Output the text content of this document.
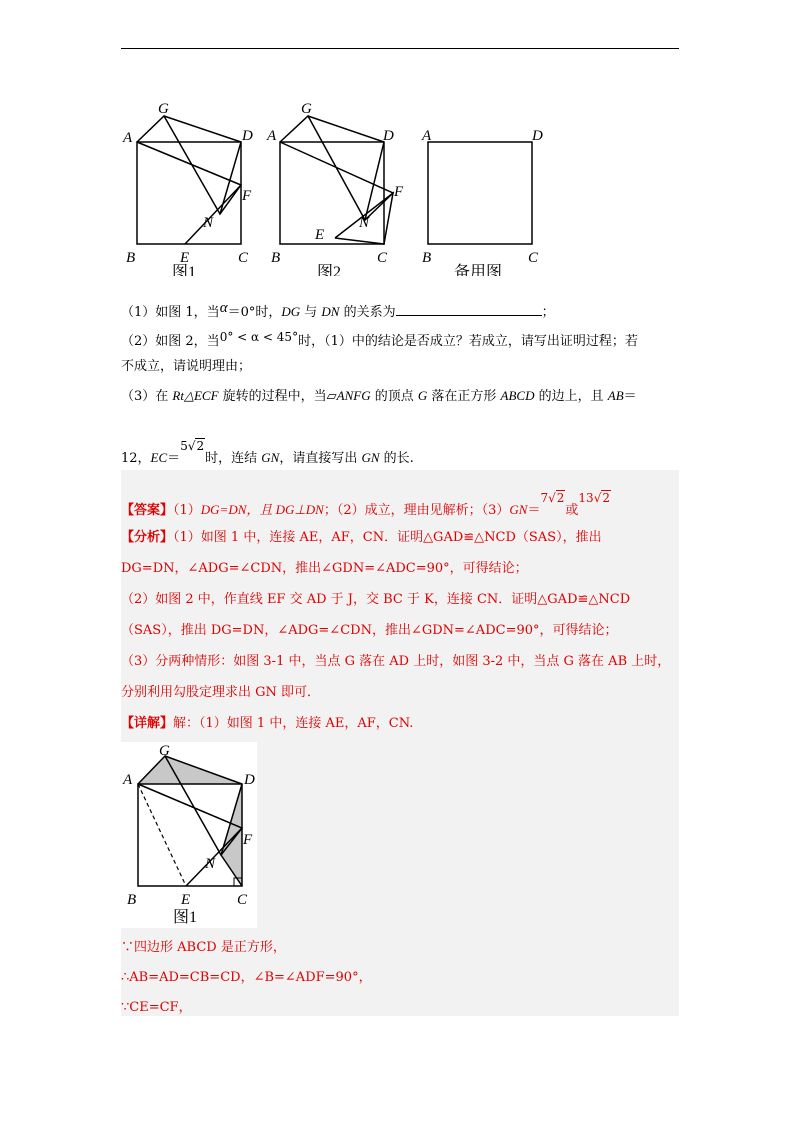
G
A	D
F
N
B	E	C
图1
G
A	D
F
N
E
B	C
图2
A	D
B	C
备用图
（1）如图 1，当α＝0°时，DG 与 DN 的关系为	；
（2）如图 2，当0° < α < 45°时，（1）中的结论是否成立？若成立，请写出证明过程；若
不成立，请说明理由；
（3）在 Rt△ECF 旋转的过程中，当▱ANFG 的顶点 G 落在正方形 ABCD 的边上，且 AB＝
12，EC＝5√2时，连结 GN，请直接写出 GN 的长.
【答案】（1）DG=DN，且 DG⊥DN；（2）成立，理由见解析；（3）GN＝7√2或13√2
【分析】（1）如图 1 中，连接 AE，AF，CN．证明△GAD≌△NCD（SAS），推出
DG=DN，∠ADG=∠CDN，推出∠GDN=∠ADC=90°，可得结论；
（2）如图 2 中，作直线 EF 交 AD 于 J，交 BC 于 K，连接 CN．证明△GAD≌△NCD
（SAS），推出 DG=DN，∠ADG=∠CDN，推出∠GDN=∠ADC=90°，可得结论；
（3）分两种情形：如图 3-1 中，当点 G 落在 AD 上时，如图 3-2 中，当点 G 落在 AB 上时，
分别利用勾股定理求出 GN 即可．
【详解】解：（1）如图 1 中，连接 AE，AF，CN.
G
A	D
F
N
B	E	C
图1
∵四边形 ABCD 是正方形，
∴AB=AD=CB=CD，∠B=∠ADF=90°，
∵CE=CF，
